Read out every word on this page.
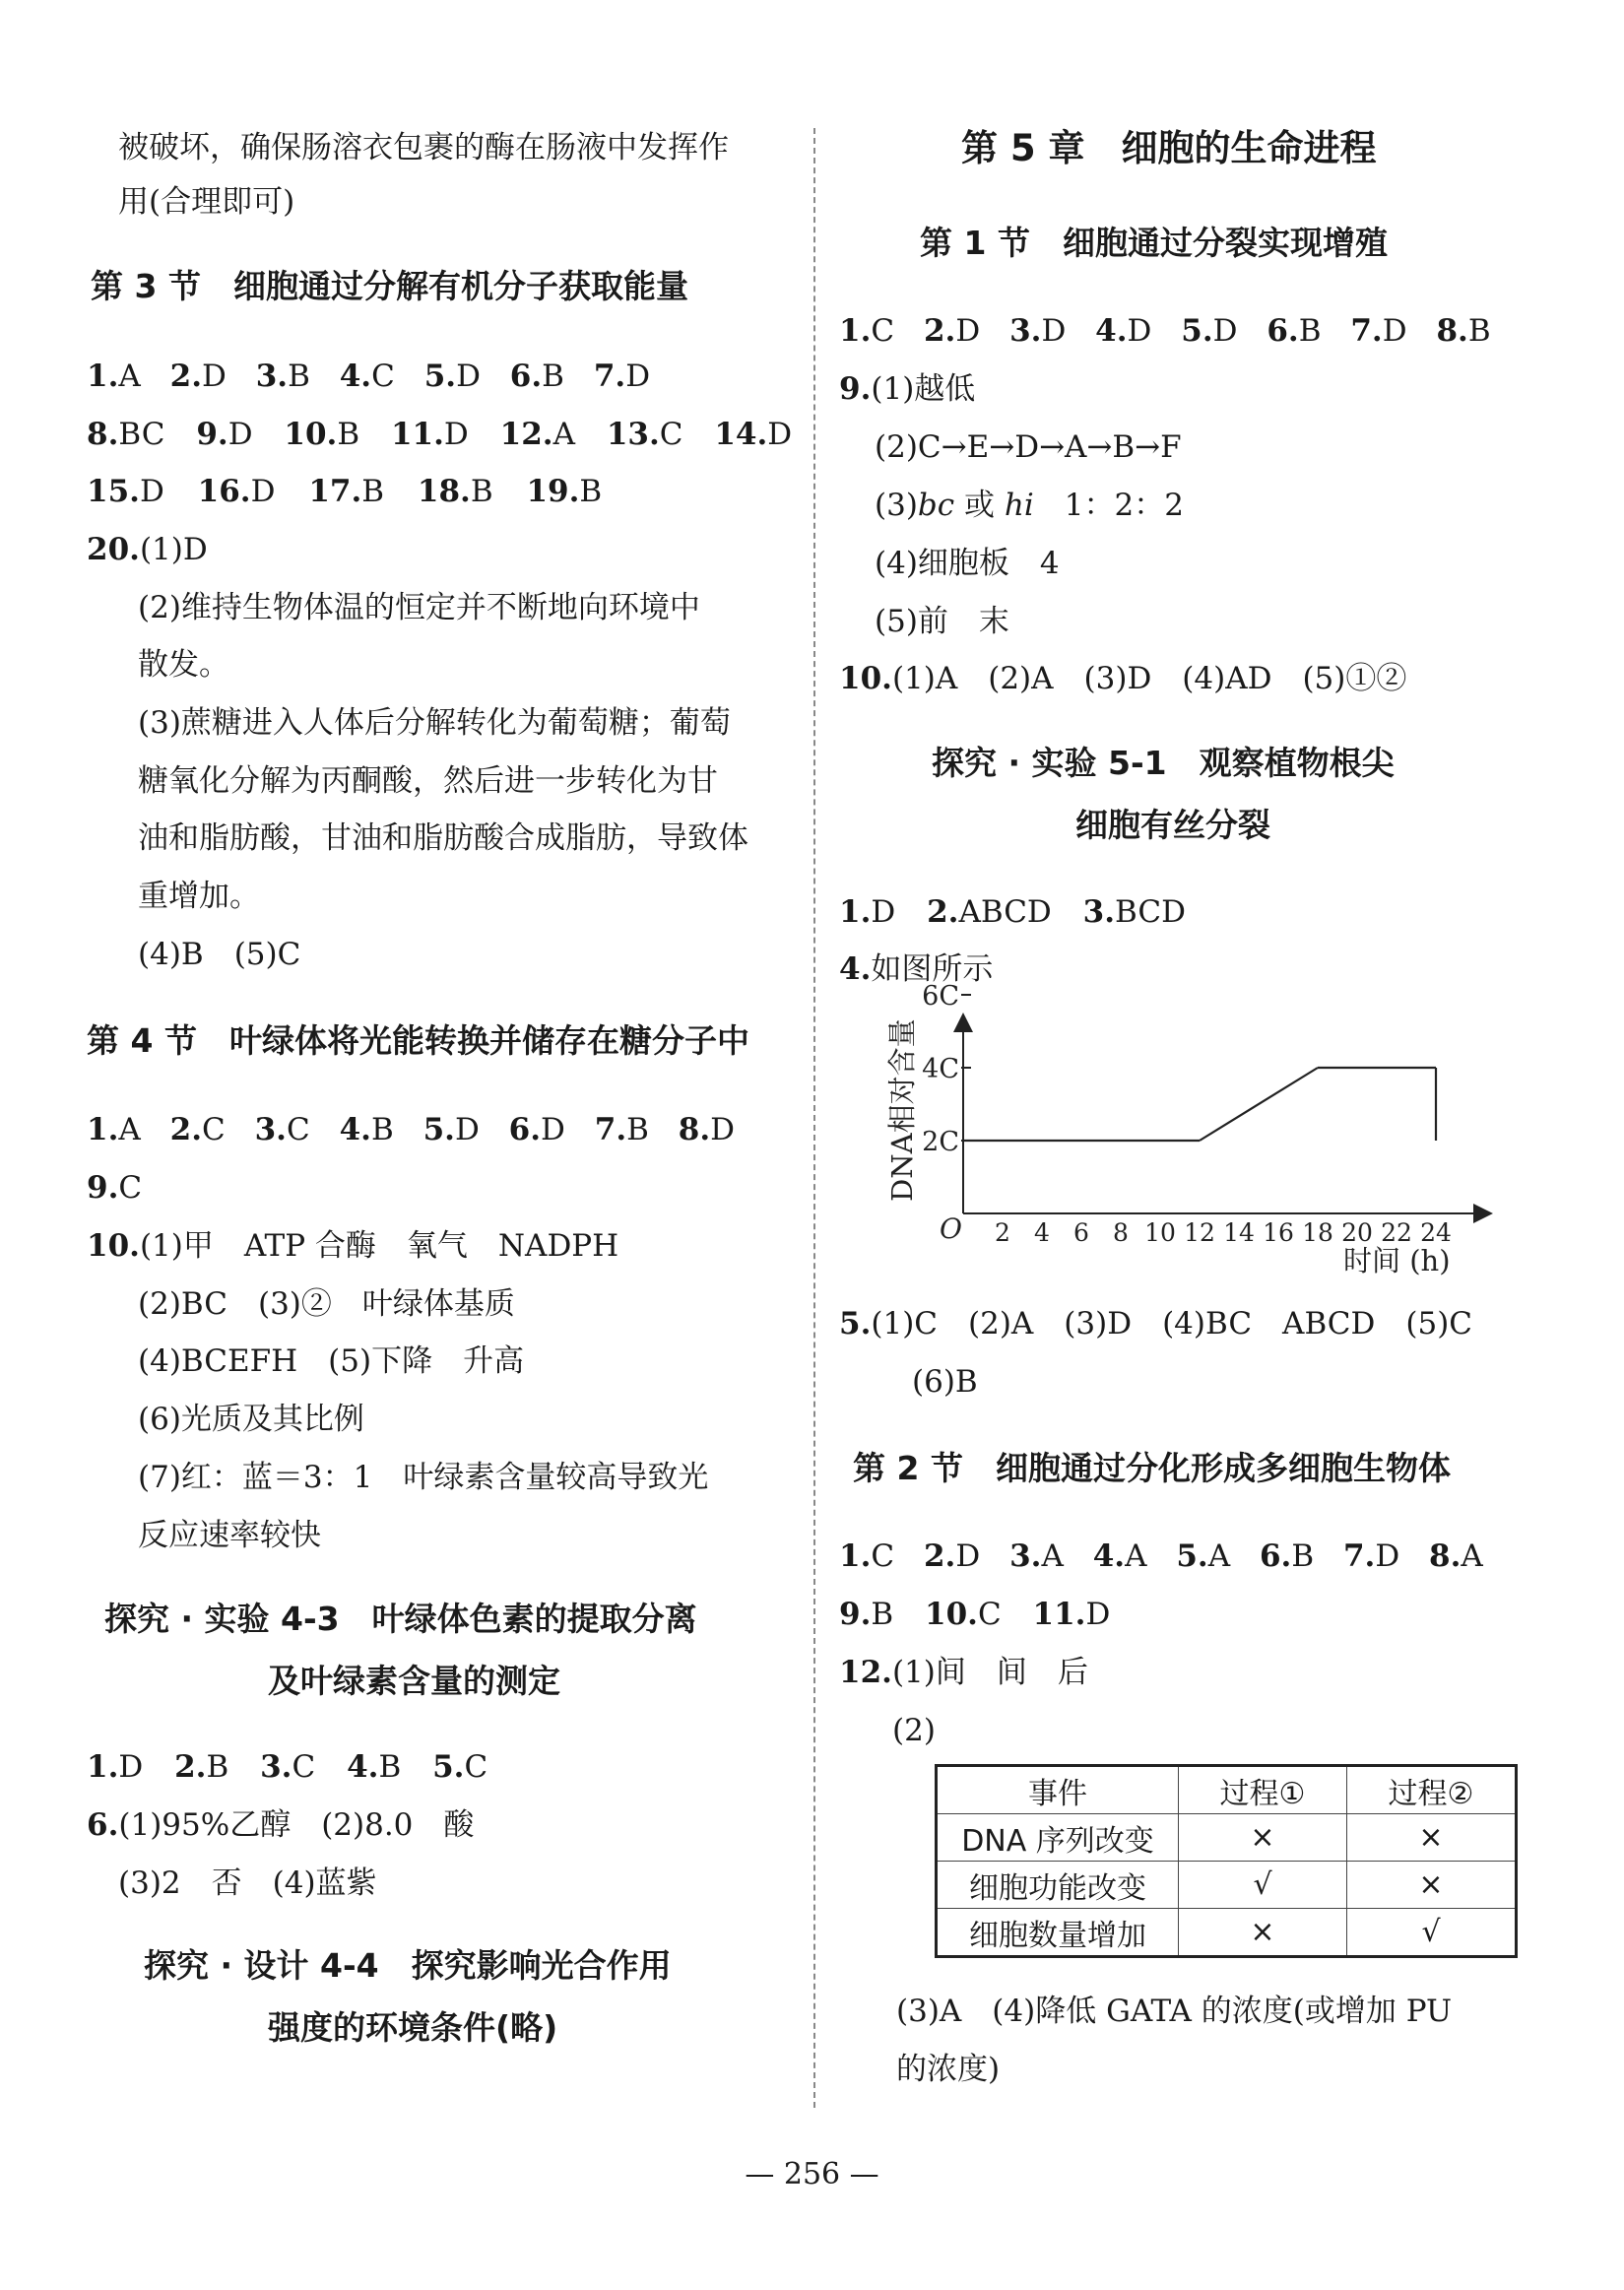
被破坏，确保肠溶衣包裹的酶在肠液中发挥作
用(合理即可)
第 3 节　细胞通过分解有机分子获取能量
1.A 2.D 3.B 4.C 5.D 6.B 7.D
8.BC 9.D 10.B 11.D 12.A 13.C 14.D
15.D 16.D 17.B 18.B 19.B
20.(1)D
(2)维持生物体温的恒定并不断地向环境中
散发。
(3)蔗糖进入人体后分解转化为葡萄糖；葡萄
糖氧化分解为丙酮酸，然后进一步转化为甘
油和脂肪酸，甘油和脂肪酸合成脂肪，导致体
重增加。
(4)B　(5)C
第 4 节　叶绿体将光能转换并储存在糖分子中
1.A 2.C 3.C 4.B 5.D 6.D 7.B 8.D
9.C
10.(1)甲　ATP 合酶　氧气　NADPH
(2)BC　(3)②　叶绿体基质
(4)BCEFH　(5)下降　升高
(6)光质及其比例
(7)红：蓝＝3：1　叶绿素含量较高导致光
反应速率较快
探究 · 实验 4-3　叶绿体色素的提取分离
及叶绿素含量的测定
1.D 2.B 3.C 4.B 5.C
6.(1)95%乙醇　(2)8.0　酸
(3)2　否　(4)蓝紫
探究 · 设计 4-4　探究影响光合作用
强度的环境条件(略)
第 5 章　细胞的生命进程
第 1 节　细胞通过分裂实现增殖
1.C 2.D 3.D 4.D 5.D 6.B 7.D 8.B
9.(1)越低
(2)C→E→D→A→B→F
(3)bc 或 hi　1：2：2
(4)细胞板　4
(5)前　末
10.(1)A　(2)A　(3)D　(4)AD　(5)①②
探究 · 实验 5-1　观察植物根尖
细胞有丝分裂
1.D 2.ABCD 3.BCD
4.如图所示
DNA相对含量
时间 (h)
O 2 4 6 8 10 12 14 16 18 20 22 24
2C
4C
6C
5.(1)C　(2)A　(3)D　(4)BC　ABCD　(5)C
(6)B
第 2 节　细胞通过分化形成多细胞生物体
1.C 2.D 3.A 4.A 5.A 6.B 7.D 8.A
9.B 10.C 11.D
12.(1)间　间　后
(2)
事件	过程①	过程②
DNA 序列改变	×	×
细胞功能改变	√	×
细胞数量增加	×	√
(3)A　(4)降低 GATA 的浓度(或增加 PU
的浓度)
— 256 —
